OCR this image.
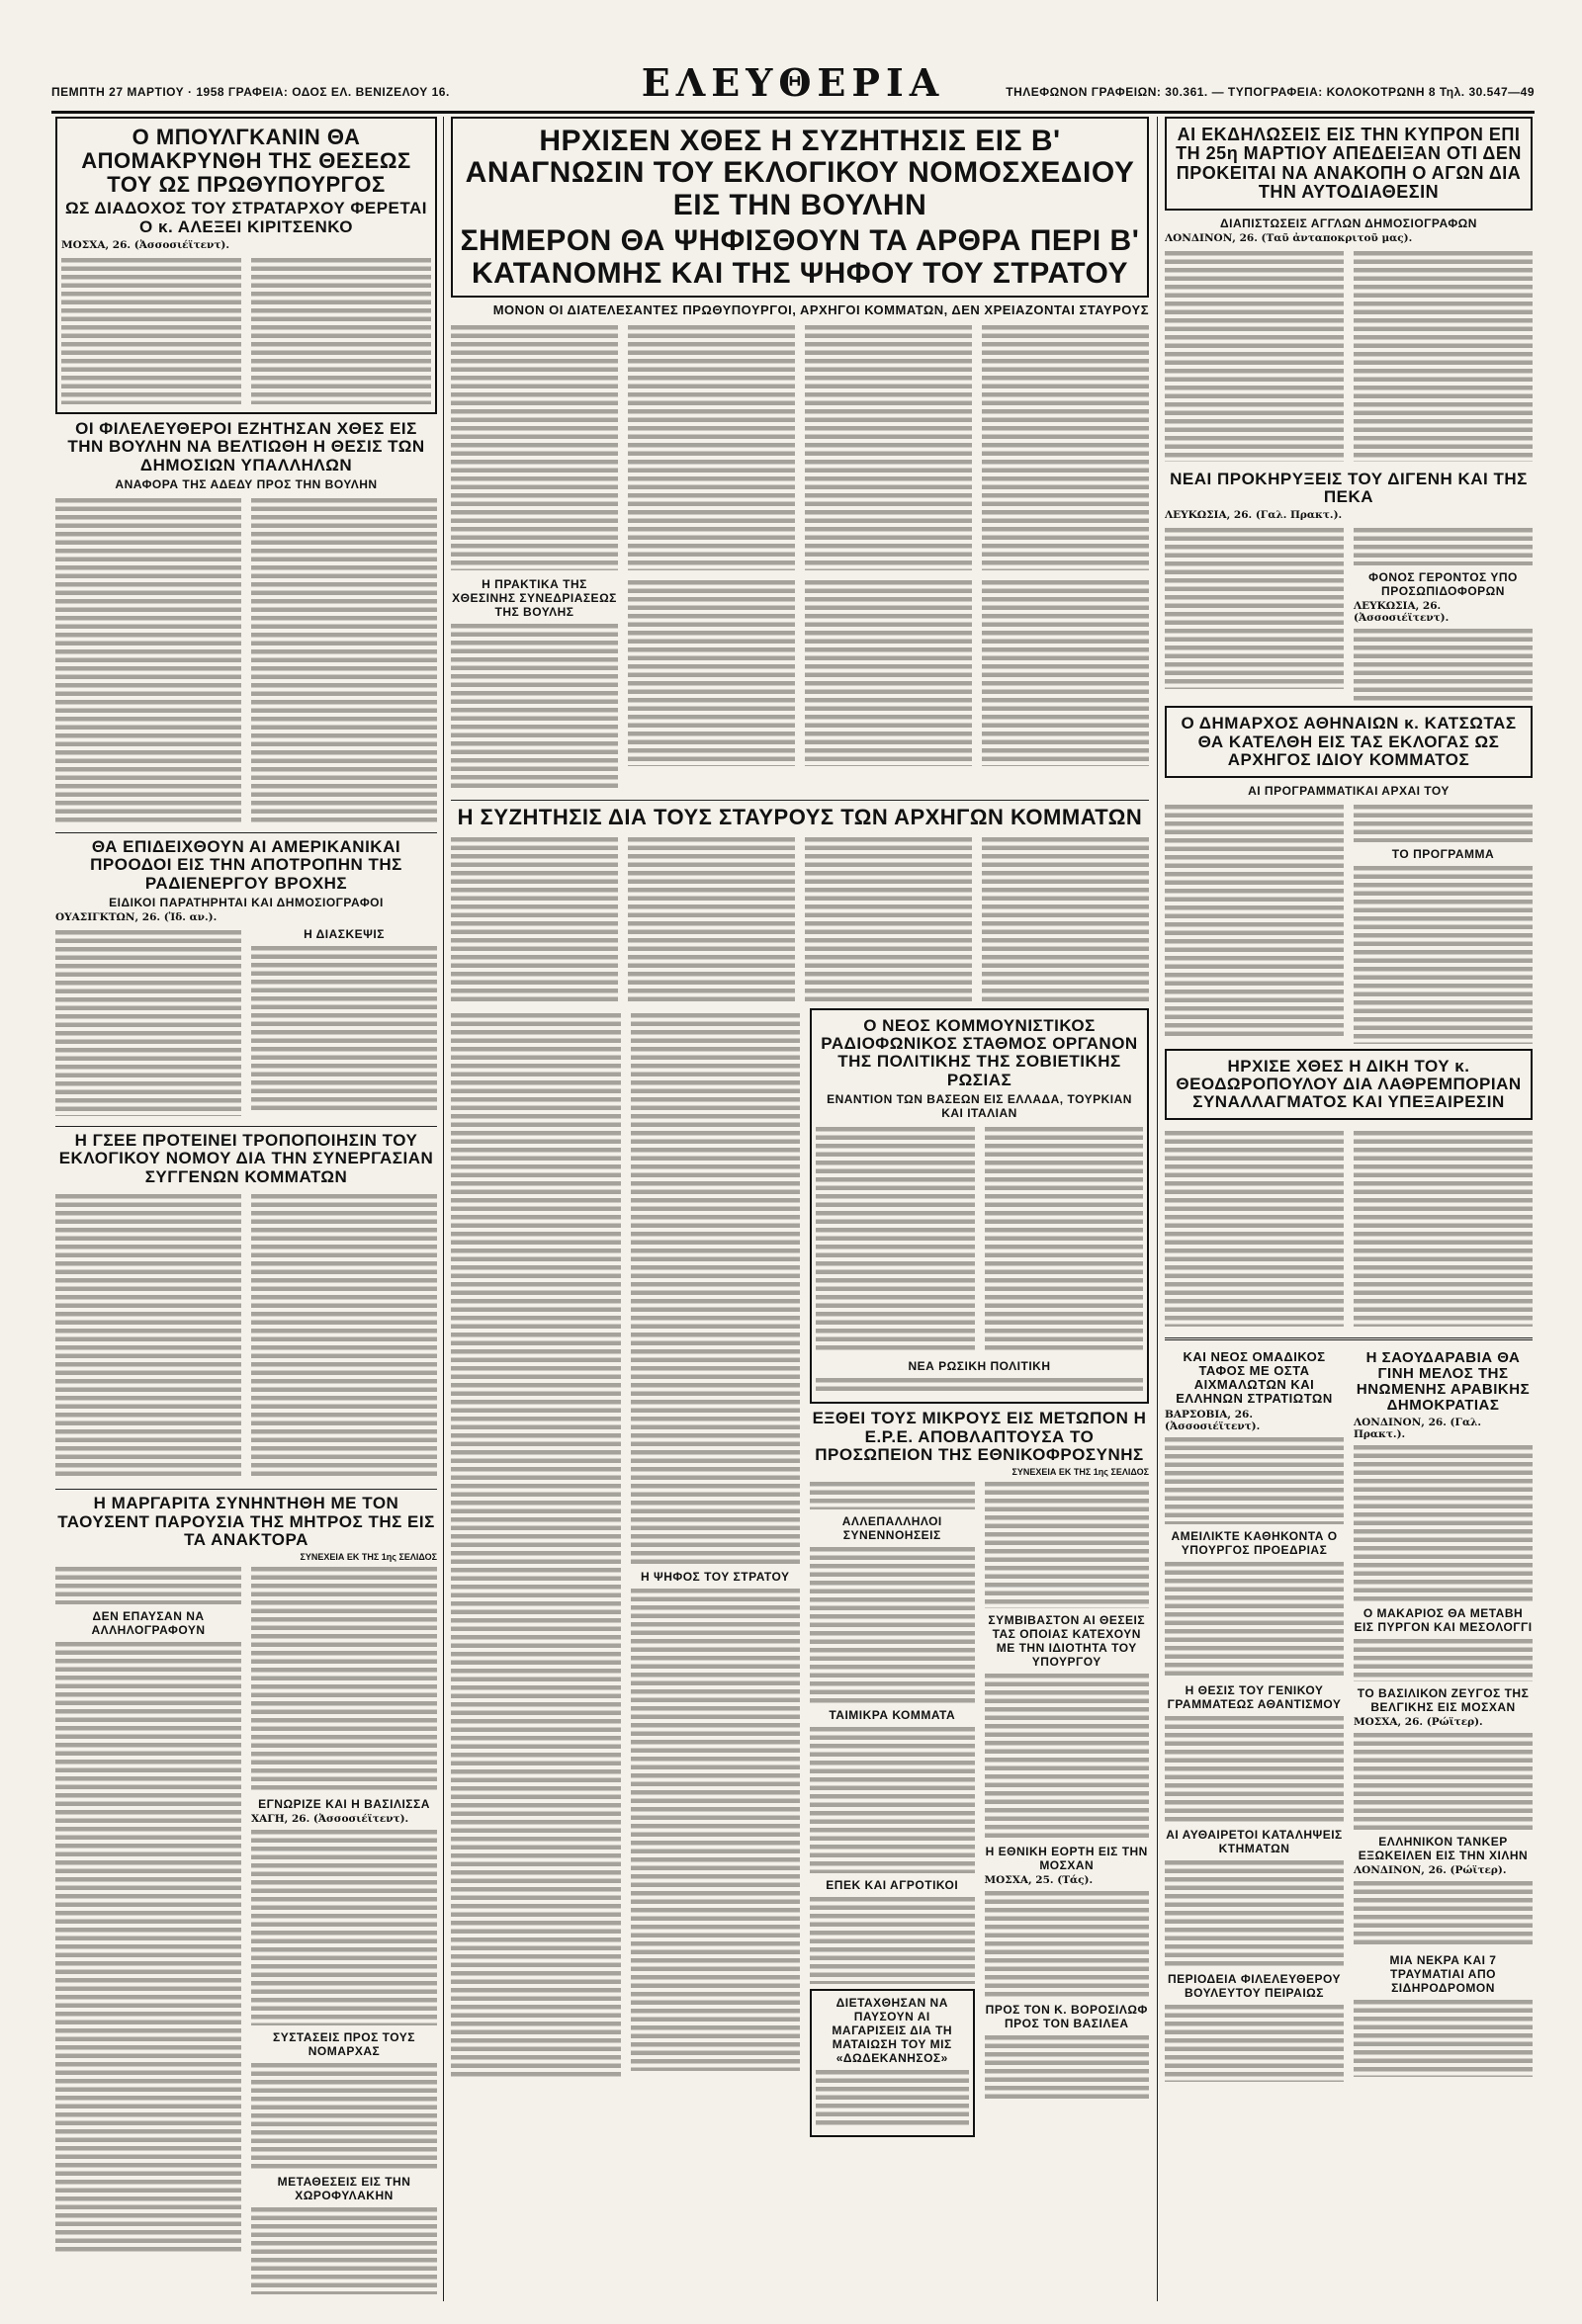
ΠΕΜΠΤΗ 27 ΜΑΡΤΙΟΥ · 1958 ΓΡΑΦΕΙΑ: ΟΔΟΣ ΕΛ. ΒΕΝΙΖΕΛΟΥ 16.	ΕΛΕΥΘΕΡΙΑ	ΤΗΛΕΦΩΝΟΝ ΓΡΑΦΕΙΩΝ: 30.361. — ΤΥΠΟΓΡΑΦΕΙΑ: ΚΟΛΟΚΟΤΡΩΝΗ 8 Τηλ. 30.547—49
Ο ΜΠΟΥΛΓΚΑΝΙΝ ΘΑ ΑΠΟΜΑΚΡΥΝΘΗ ΤΗΣ ΘΕΣΕΩΣ ΤΟΥ ΩΣ ΠΡΩΘΥΠΟΥΡΓΟΣ
ΩΣ ΔΙΑΔΟΧΟΣ ΤΟΥ ΣΤΡΑΤΑΡΧΟΥ ΦΕΡΕΤΑΙ Ο κ. ΑΛΕΞΕΙ ΚΙΡΙΤΣΕΝΚΟ
ΜΟΣΧΑ, 26. (Ἀσσοσιέϊτεντ).
ΟΙ ΦΙΛΕΛΕΥΘΕΡΟΙ ΕΖΗΤΗΣΑΝ ΧΘΕΣ ΕΙΣ ΤΗΝ ΒΟΥΛΗΝ ΝΑ ΒΕΛΤΙΩΘΗ Η ΘΕΣΙΣ ΤΩΝ ΔΗΜΟΣΙΩΝ ΥΠΑΛΛΗΛΩΝ
ΑΝΑΦΟΡΑ ΤΗΣ ΑΔΕΔΥ ΠΡΟΣ ΤΗΝ ΒΟΥΛΗΝ
ΘΑ ΕΠΙΔΕΙΧΘΟΥΝ ΑΙ ΑΜΕΡΙΚΑΝΙΚΑΙ ΠΡΟΟΔΟΙ ΕΙΣ ΤΗΝ ΑΠΟΤΡΟΠΗΝ ΤΗΣ ΡΑΔΙΕΝΕΡΓΟΥ ΒΡΟΧΗΣ
ΕΙΔΙΚΟΙ ΠΑΡΑΤΗΡΗΤΑΙ ΚΑΙ ΔΗΜΟΣΙΟΓΡΑΦΟΙ
ΟΥΑΣΙΓΚΤΩΝ, 26. (Ἰδ. αν.).
Η ΔΙΑΣΚΕΨΙΣ
Η ΓΣΕΕ ΠΡΟΤΕΙΝΕΙ ΤΡΟΠΟΠΟΙΗΣΙΝ ΤΟΥ ΕΚΛΟΓΙΚΟΥ ΝΟΜΟΥ ΔΙΑ ΤΗΝ ΣΥΝΕΡΓΑΣΙΑΝ ΣΥΓΓΕΝΩΝ ΚΟΜΜΑΤΩΝ
Η ΜΑΡΓΑΡΙΤΑ ΣΥΝΗΝΤΗΘΗ ΜΕ ΤΟΝ ΤΑΟΥΣΕΝΤ ΠΑΡΟΥΣΙΑ ΤΗΣ ΜΗΤΡΟΣ ΤΗΣ ΕΙΣ ΤΑ ΑΝΑΚΤΟΡΑ
ΣΥΝΕΧΕΙΑ ΕΚ ΤΗΣ 1ης ΣΕΛΙΔΟΣ
ΔΕΝ ΕΠΑΥΣΑΝ ΝΑ ΑΛΛΗΛΟΓΡΑΦΟΥΝ
ΕΓΝΩΡΙΖΕ ΚΑΙ Η ΒΑΣΙΛΙΣΣΑ
ΧΑΓΗ, 26. (Ἀσσοσιέϊτεντ).
ΣΥΣΤΑΣΕΙΣ ΠΡΟΣ ΤΟΥΣ ΝΟΜΑΡΧΑΣ
ΜΕΤΑΘΕΣΕΙΣ ΕΙΣ ΤΗΝ ΧΩΡΟΦΥΛΑΚΗΝ
ΗΡΧΙΣΕΝ ΧΘΕΣ Η ΣΥΖΗΤΗΣΙΣ ΕΙΣ Β' ΑΝΑΓΝΩΣΙΝ ΤΟΥ ΕΚΛΟΓΙΚΟΥ ΝΟΜΟΣΧΕΔΙΟΥ ΕΙΣ ΤΗΝ ΒΟΥΛΗΝ
ΣΗΜΕΡΟΝ ΘΑ ΨΗΦΙΣΘΟΥΝ ΤΑ ΑΡΘΡΑ ΠΕΡΙ Β' ΚΑΤΑΝΟΜΗΣ ΚΑΙ ΤΗΣ ΨΗΦΟΥ ΤΟΥ ΣΤΡΑΤΟΥ
ΜΟΝΟΝ ΟΙ ΔΙΑΤΕΛΕΣΑΝΤΕΣ ΠΡΩΘΥΠΟΥΡΓΟΙ, ΑΡΧΗΓΟΙ ΚΟΜΜΑΤΩΝ, ΔΕΝ ΧΡΕΙΑΖΟΝΤΑΙ ΣΤΑΥΡΟΥΣ
Η ΠΡΑΚΤΙΚΑ ΤΗΣ ΧΘΕΣΙΝΗΣ ΣΥΝΕΔΡΙΑΣΕΩΣ ΤΗΣ ΒΟΥΛΗΣ
Η ΣΥΖΗΤΗΣΙΣ ΔΙΑ ΤΟΥΣ ΣΤΑΥΡΟΥΣ ΤΩΝ ΑΡΧΗΓΩΝ ΚΟΜΜΑΤΩΝ
Η ΨΗΦΟΣ ΤΟΥ ΣΤΡΑΤΟΥ
Ο ΝΕΟΣ ΚΟΜΜΟΥΝΙΣΤΙΚΟΣ ΡΑΔΙΟΦΩΝΙΚΟΣ ΣΤΑΘΜΟΣ ΟΡΓΑΝΟΝ ΤΗΣ ΠΟΛΙΤΙΚΗΣ ΤΗΣ ΣΟΒΙΕΤΙΚΗΣ ΡΩΣΙΑΣ
ΕΝΑΝΤΙΟΝ ΤΩΝ ΒΑΣΕΩΝ ΕΙΣ ΕΛΛΑΔΑ, ΤΟΥΡΚΙΑΝ ΚΑΙ ΙΤΑΛΙΑΝ
ΝΕΑ ΡΩΣΙΚΗ ΠΟΛΙΤΙΚΗ
ΕΞΘΕΙ ΤΟΥΣ ΜΙΚΡΟΥΣ ΕΙΣ ΜΕΤΩΠΟΝ Η Ε.Ρ.Ε. ΑΠΟΒΛΑΠΤΟΥΣΑ ΤΟ ΠΡΟΣΩΠΕΙΟΝ ΤΗΣ ΕΘΝΙΚΟΦΡΟΣΥΝΗΣ
ΣΥΝΕΧΕΙΑ ΕΚ ΤΗΣ 1ης ΣΕΛΙΔΟΣ
ΑΛΛΕΠΑΛΛΗΛΟΙ ΣΥΝΕΝΝΟΗΣΕΙΣ
ΤΑΙΜΙΚΡΑ ΚΟΜΜΑΤΑ
ΕΠΕΚ ΚΑΙ ΑΓΡΟΤΙΚΟΙ
ΔΙΕΤΑΧΘΗΣΑΝ ΝΑ ΠΑΥΣΟΥΝ ΑΙ ΜΑΓΑΡΙΣΕΙΣ ΔΙΑ ΤΗ ΜΑΤΑΙΩΣΗ ΤΟΥ ΜΙΣ «ΔΩΔΕΚΑΝΗΣΟΣ»
ΣΥΜΒΙΒΑΣΤΟΝ ΑΙ ΘΕΣΕΙΣ ΤΑΣ ΟΠΟΙΑΣ ΚΑΤΕΧΟΥΝ ΜΕ ΤΗΝ ΙΔΙΟΤΗΤΑ ΤΟΥ ΥΠΟΥΡΓΟΥ
Η ΕΘΝΙΚΗ ΕΟΡΤΗ ΕΙΣ ΤΗΝ ΜΟΣΧΑΝ
ΜΟΣΧΑ, 25. (Τάς).
ΠΡΟΣ ΤΟΝ Κ. ΒΟΡΟΣΙΛΩΦ ΠΡΟΣ ΤΟΝ ΒΑΣΙΛΕΑ
ΑΙ ΕΚΔΗΛΩΣΕΙΣ ΕΙΣ ΤΗΝ ΚΥΠΡΟΝ ΕΠΙ ΤΗ 25η ΜΑΡΤΙΟΥ ΑΠΕΔΕΙΞΑΝ ΟΤΙ ΔΕΝ ΠΡΟΚΕΙΤΑΙ ΝΑ ΑΝΑΚΟΠΗ Ο ΑΓΩΝ ΔΙΑ ΤΗΝ ΑΥΤΟΔΙΑΘΕΣΙΝ
ΔΙΑΠΙΣΤΩΣΕΙΣ ΑΓΓΛΩΝ ΔΗΜΟΣΙΟΓΡΑΦΩΝ
ΛΟΝΔΙΝΟΝ, 26. (Ταῦ ἀνταποκριτοῦ μας).
ΝΕΑΙ ΠΡΟΚΗΡΥΞΕΙΣ ΤΟΥ ΔΙΓΕΝΗ ΚΑΙ ΤΗΣ ΠΕΚΑ
ΛΕΥΚΩΣΙΑ, 26. (Γαλ. Πρακτ.).
ΦΟΝΟΣ ΓΕΡΟΝΤΟΣ ΥΠΟ ΠΡΟΣΩΠΙΔΟΦΟΡΩΝ
ΛΕΥΚΩΣΙΑ, 26. (Ἀσσοσιέϊτεντ).
Ο ΔΗΜΑΡΧΟΣ ΑΘΗΝΑΙΩΝ κ. ΚΑΤΣΩΤΑΣ ΘΑ ΚΑΤΕΛΘΗ ΕΙΣ ΤΑΣ ΕΚΛΟΓΑΣ ΩΣ ΑΡΧΗΓΟΣ ΙΔΙΟΥ ΚΟΜΜΑΤΟΣ
ΑΙ ΠΡΟΓΡΑΜΜΑΤΙΚΑΙ ΑΡΧΑΙ ΤΟΥ
ΤΟ ΠΡΟΓΡΑΜΜΑ
ΗΡΧΙΣΕ ΧΘΕΣ Η ΔΙΚΗ ΤΟΥ κ. ΘΕΟΔΩΡΟΠΟΥΛΟΥ ΔΙΑ ΛΑΘΡΕΜΠΟΡΙΑΝ ΣΥΝΑΛΛΑΓΜΑΤΟΣ ΚΑΙ ΥΠΕΞΑΙΡΕΣΙΝ
ΚΑΙ ΝΕΟΣ ΟΜΑΔΙΚΟΣ ΤΑΦΟΣ ΜΕ ΟΣΤΑ ΑΙΧΜΑΛΩΤΩΝ ΚΑΙ ΕΛΛΗΝΩΝ ΣΤΡΑΤΙΩΤΩΝ
ΒΑΡΣΟΒΙΑ, 26. (Ἀσσοσιέϊτεντ).
ΑΜΕΙΛΙΚΤΕ ΚΑΘΗΚΟΝΤΑ Ο ΥΠΟΥΡΓΟΣ ΠΡΟΕΔΡΙΑΣ
Η ΘΕΣΙΣ ΤΟΥ ΓΕΝΙΚΟΥ ΓΡΑΜΜΑΤΕΩΣ ΑΘΑΝΤΙΣΜΟΥ
ΑΙ ΑΥΘΑΙΡΕΤΟΙ ΚΑΤΑΛΗΨΕΙΣ ΚΤΗΜΑΤΩΝ
ΠΕΡΙΟΔΕΙΑ ΦΙΛΕΛΕΥΘΕΡΟΥ ΒΟΥΛΕΥΤΟΥ ΠΕΙΡΑΙΩΣ
Η ΣΑΟΥΔΑΡΑΒΙΑ ΘΑ ΓΙΝΗ ΜΕΛΟΣ ΤΗΣ ΗΝΩΜΕΝΗΣ ΑΡΑΒΙΚΗΣ ΔΗΜΟΚΡΑΤΙΑΣ
ΛΟΝΔΙΝΟΝ, 26. (Γαλ. Πρακτ.).
Ο ΜΑΚΑΡΙΟΣ ΘΑ ΜΕΤΑΒΗ ΕΙΣ ΠΥΡΓΟΝ ΚΑΙ ΜΕΣΟΛΟΓΓΙ
ΤΟ ΒΑΣΙΛΙΚΟΝ ΖΕΥΓΟΣ ΤΗΣ ΒΕΛΓΙΚΗΣ ΕΙΣ ΜΟΣΧΑΝ
ΜΟΣΧΑ, 26. (Ρώϊτερ).
ΕΛΛΗΝΙΚΟΝ ΤΑΝΚΕΡ ΕΞΩΚΕΙΛΕΝ ΕΙΣ ΤΗΝ ΧΙΛΗΝ
ΛΟΝΔΙΝΟΝ, 26. (Ρώϊτερ).
ΜΙΑ ΝΕΚΡΑ ΚΑΙ 7 ΤΡΑΥΜΑΤΙΑΙ ΑΠΟ ΣΙΔΗΡΟΔΡΟΜΟΝ
